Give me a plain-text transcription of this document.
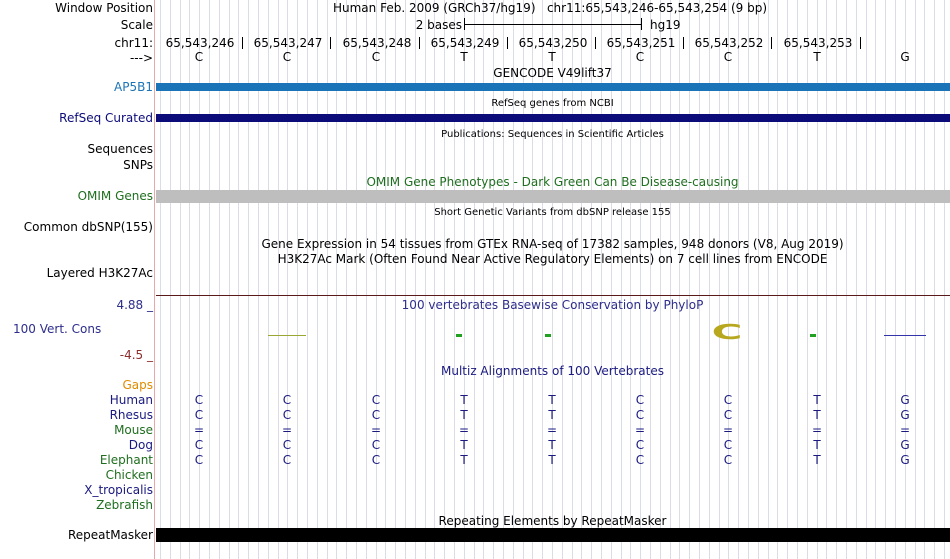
Window Position	Human Feb. 2009 (GRCh37/hg19)   chr11:65,543,246-65,543,254 (9 bp)
Scale	2 bases	hg19
chr11:	65,543,246	65,543,247	65,543,248	65,543,249	65,543,250	65,543,251	65,543,252	65,543,253
--->	C	C	C	T	T	C	C	T	G
GENCODE V49lift37
AP5B1
RefSeq genes from NCBI
RefSeq Curated
Publications: Sequences in Scientific Articles
Sequences
SNPs
OMIM Gene Phenotypes - Dark Green Can Be Disease-causing
OMIM Genes
Short Genetic Variants from dbSNP release 155
Common dbSNP(155)
Gene Expression in 54 tissues from GTEx RNA-seq of 17382 samples, 948 donors (V8, Aug 2019)
H3K27Ac Mark (Often Found Near Active Regulatory Elements) on 7 cell lines from ENCODE
Layered H3K27Ac
100 vertebrates Basewise Conservation by PhyloP
4.88 _
100 Vert. Cons
-4.5 _
C
Multiz Alignments of 100 Vertebrates
Gaps
Human	C	C	C	T	T	C	C	T	G
Rhesus	C	C	C	T	T	C	C	T	G
Mouse	=	=	=	=	=	=	=	=	=
Dog	C	C	C	T	T	C	C	T	G
Elephant	C	C	C	T	T	C	C	T	G
Chicken
X_tropicalis
Zebrafish
Repeating Elements by RepeatMasker
RepeatMasker
